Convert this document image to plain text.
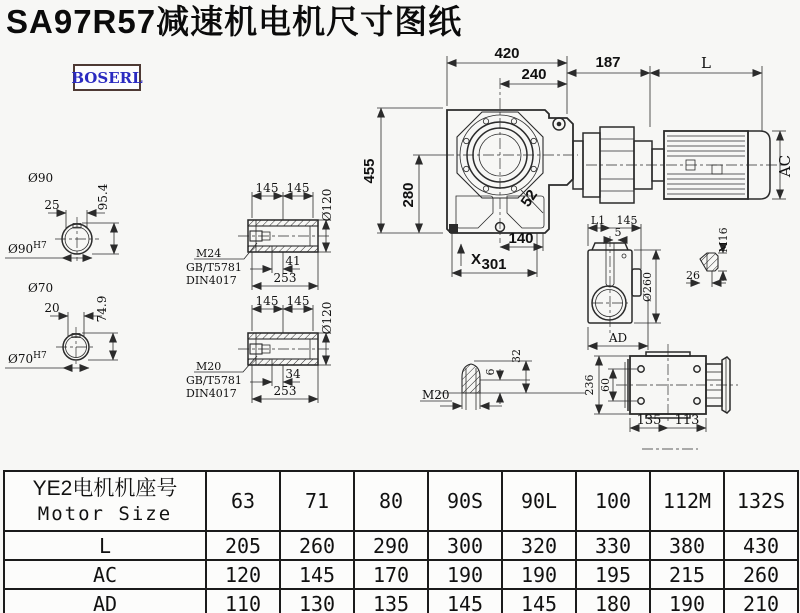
Ø90
25	95.4
$Ø90^{H7}$
Ø70
20	74.9
$Ø70^{H7}$
145 145
Ø120
M24
GB/T5781
DIN4017
41
253
145 145
Ø120
M20
GB/T5781
DIN4017
34
253
420
240
455
280	52
140
301
X
187	L
AC
L1 145
5
Ø260
AD
M16
26
M20
6
32
236 60
135 113
SA97R57减速机电机尺寸图纸
BOSERL
YE2电机机座号
Motor Size	63	71	80	90S	90L	100	112M	132S
L	205	260	290	300	320	330	380	430
AC	120	145	170	190	190	195	215	260
AD	110	130	135	145	145	180	190	210
